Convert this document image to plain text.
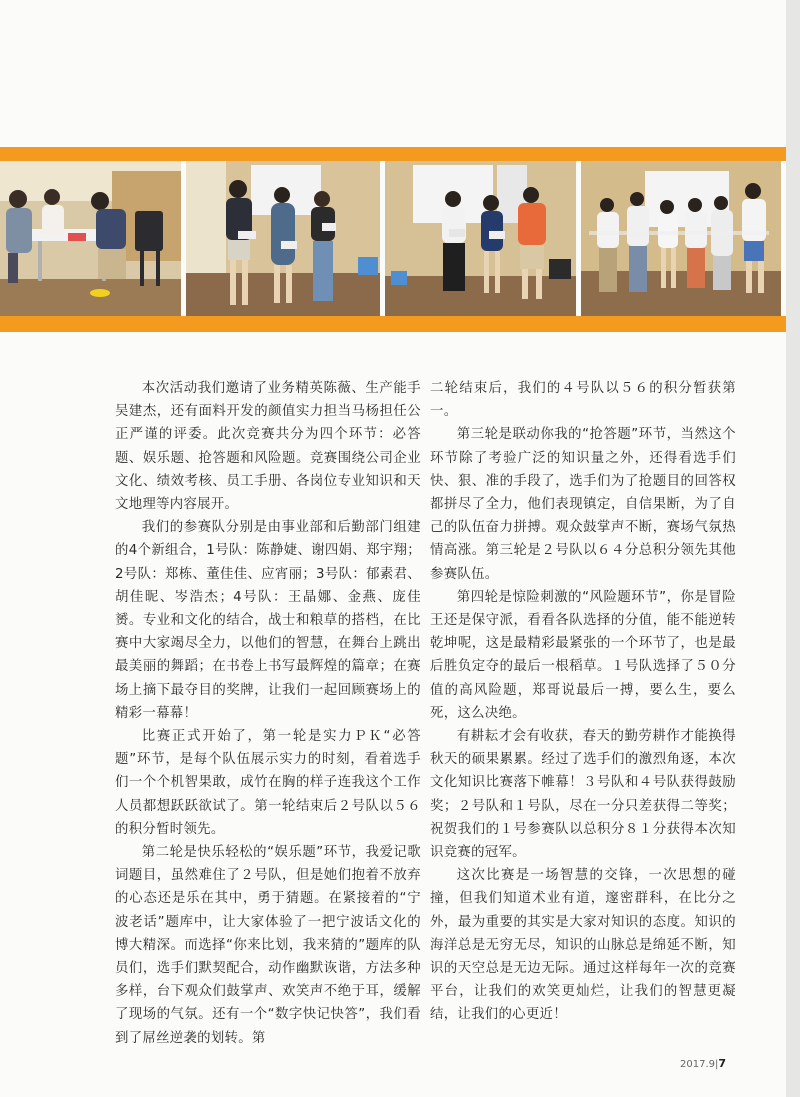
本次活动我们邀请了业务精英陈薇、生产能手吴建杰，还有面料开发的颜值实力担当马杨担任公正严谨的评委。此次竞赛共分为四个环节：必答题、娱乐题、抢答题和风险题。竞赛围绕公司企业文化、绩效考核、员工手册、各岗位专业知识和天文地理等内容展开。

我们的参赛队分别是由事业部和后勤部门组建的4个新组合，1号队：陈静婕、谢四娟、郑宇翔；2号队：郑栋、董佳佳、应宵丽；3号队：郁素君、胡佳昵、岑浩杰；4号队：王晶娜、金燕、庞佳赟。专业和文化的结合，战士和粮草的搭档，在比赛中大家竭尽全力，以他们的智慧，在舞台上跳出最美丽的舞蹈；在书卷上书写最辉煌的篇章；在赛场上摘下最夺目的奖牌，让我们一起回顾赛场上的精彩一幕幕！

比赛正式开始了，第一轮是实力ＰＫ“必答题”环节，是每个队伍展示实力的时刻，看着选手们一个个机智果敢，成竹在胸的样子连我这个工作人员都想跃跃欲试了。第一轮结束后２号队以５６的积分暂时领先。

第二轮是快乐轻松的“娱乐题”环节，我爱记歌词题目，虽然难住了２号队，但是她们抱着不放弃的心态还是乐在其中，勇于猜题。在紧接着的“宁波老话”题库中，让大家体验了一把宁波话文化的博大精深。而选择“你来比划，我来猜的”题库的队员们，选手们默契配合，动作幽默诙谐，方法多种多样，台下观众们鼓掌声、欢笑声不绝于耳，缓解了现场的气氛。还有一个“数字快记快答”，我们看到了屌丝逆袭的划转。第

二轮结束后，我们的４号队以５６的积分暂获第一。

第三轮是联动你我的“抢答题”环节，当然这个环节除了考验广泛的知识量之外，还得看选手们快、狠、准的手段了，选手们为了抢题目的回答权都拼尽了全力，他们表现镇定，自信果断，为了自己的队伍奋力拼搏。观众鼓掌声不断，赛场气氛热情高涨。第三轮是２号队以６４分总积分领先其他参赛队伍。

第四轮是惊险刺激的“风险题环节”，你是冒险王还是保守派，看看各队选择的分值，能不能逆转乾坤呢，这是最精彩最紧张的一个环节了，也是最后胜负定夺的最后一根稻草。１号队选择了５０分值的高风险题，郑哥说最后一搏，要么生，要么死，这么决绝。

有耕耘才会有收获，春天的勤劳耕作才能换得秋天的硕果累累。经过了选手们的激烈角逐，本次文化知识比赛落下帷幕！３号队和４号队获得鼓励奖；２号队和１号队，尽在一分只差获得二等奖；祝贺我们的１号参赛队以总积分８１分获得本次知识竞赛的冠军。

这次比赛是一场智慧的交锋，一次思想的碰撞，但我们知道术业有道，邃密群科，在比分之外，最为重要的其实是大家对知识的态度。知识的海洋总是无穷无尽，知识的山脉总是绵延不断，知识的天空总是无边无际。通过这样每年一次的竞赛平台，让我们的欢笑更灿烂，让我们的智慧更凝结，让我们的心更近！

2017.9|7
